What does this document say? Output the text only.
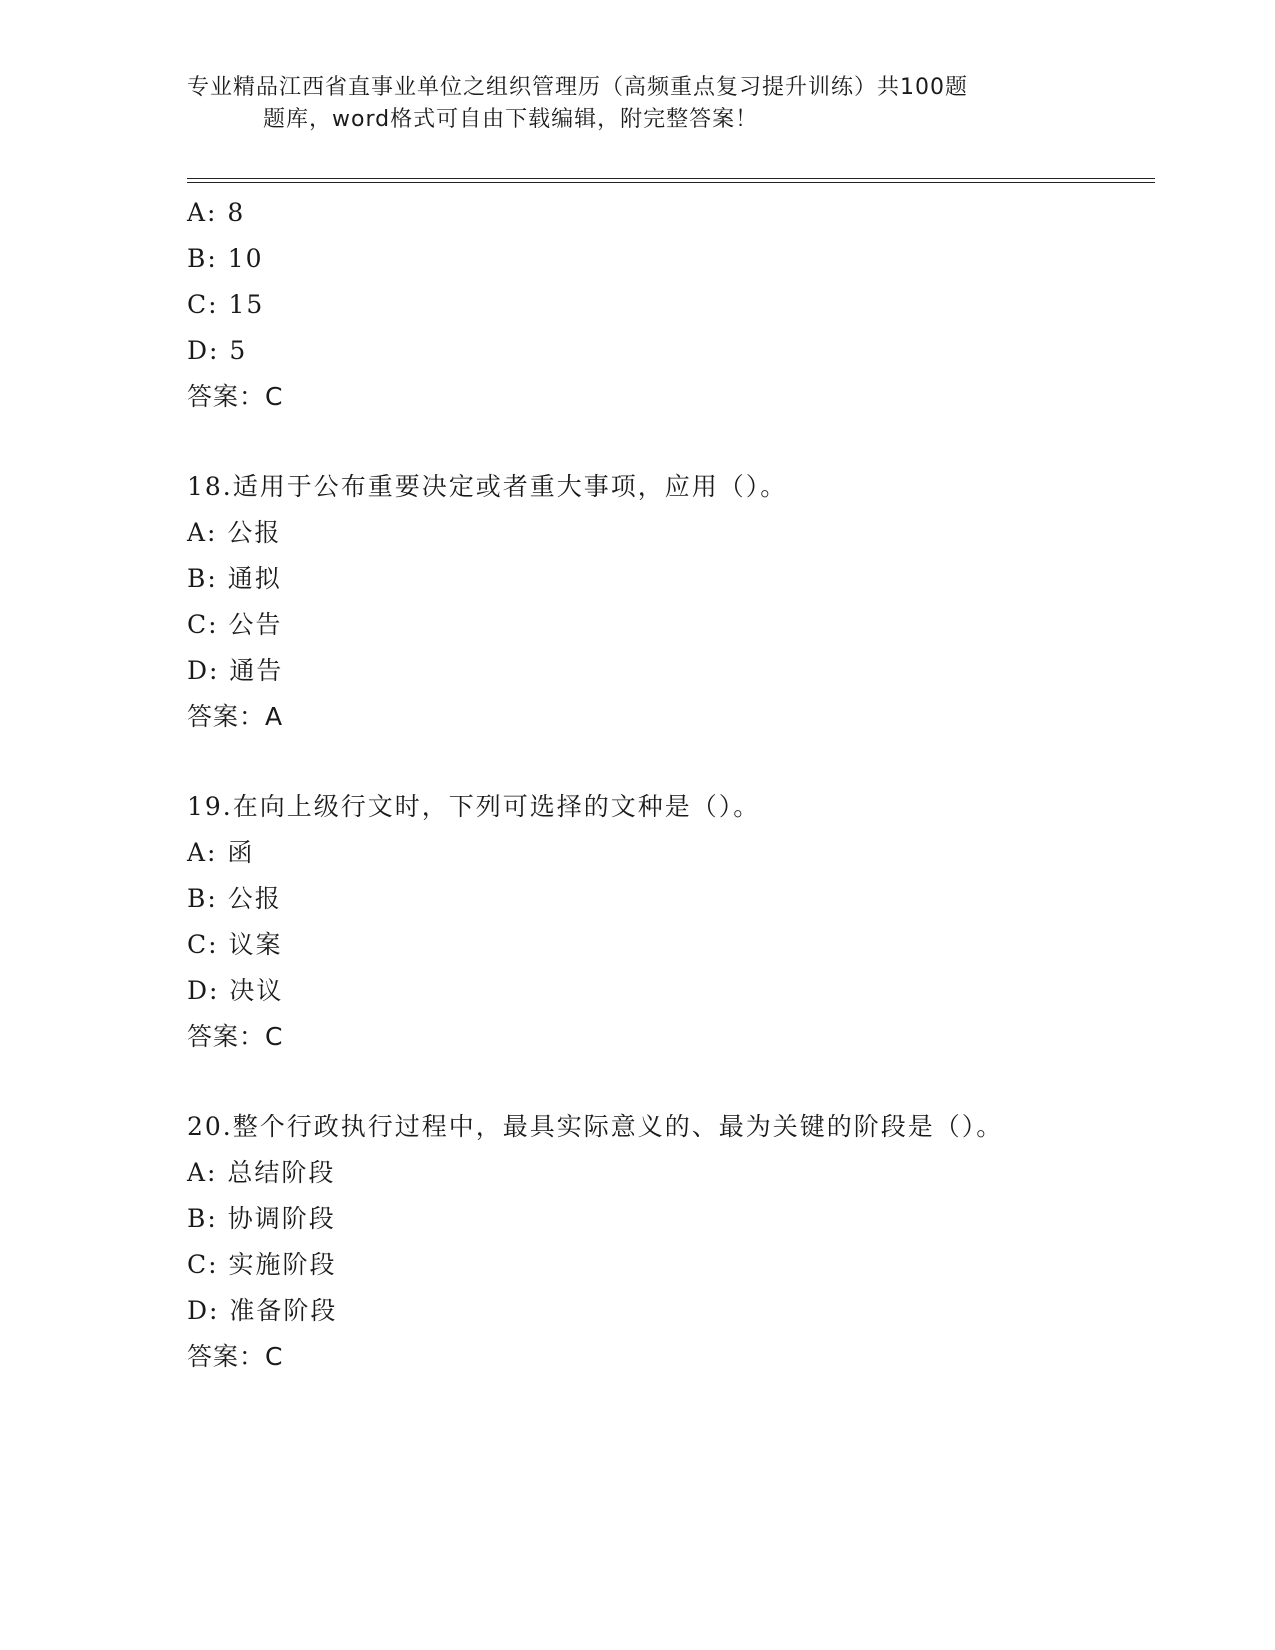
专业精品江西省直事业单位之组织管理历（高频重点复习提升训练）共100题
题库，word格式可自由下载编辑，附完整答案！
A: 8
B: 10
C: 15
D: 5
答案：C
18.适用于公布重要决定或者重大事项，应用（）。
A: 公报
B: 通拟
C: 公告
D: 通告
答案：A
19.在向上级行文时，下列可选择的文种是（）。
A: 函
B: 公报
C: 议案
D: 决议
答案：C
20.整个行政执行过程中，最具实际意义的、最为关键的阶段是（）。
A: 总结阶段
B: 协调阶段
C: 实施阶段
D: 准备阶段
答案：C
